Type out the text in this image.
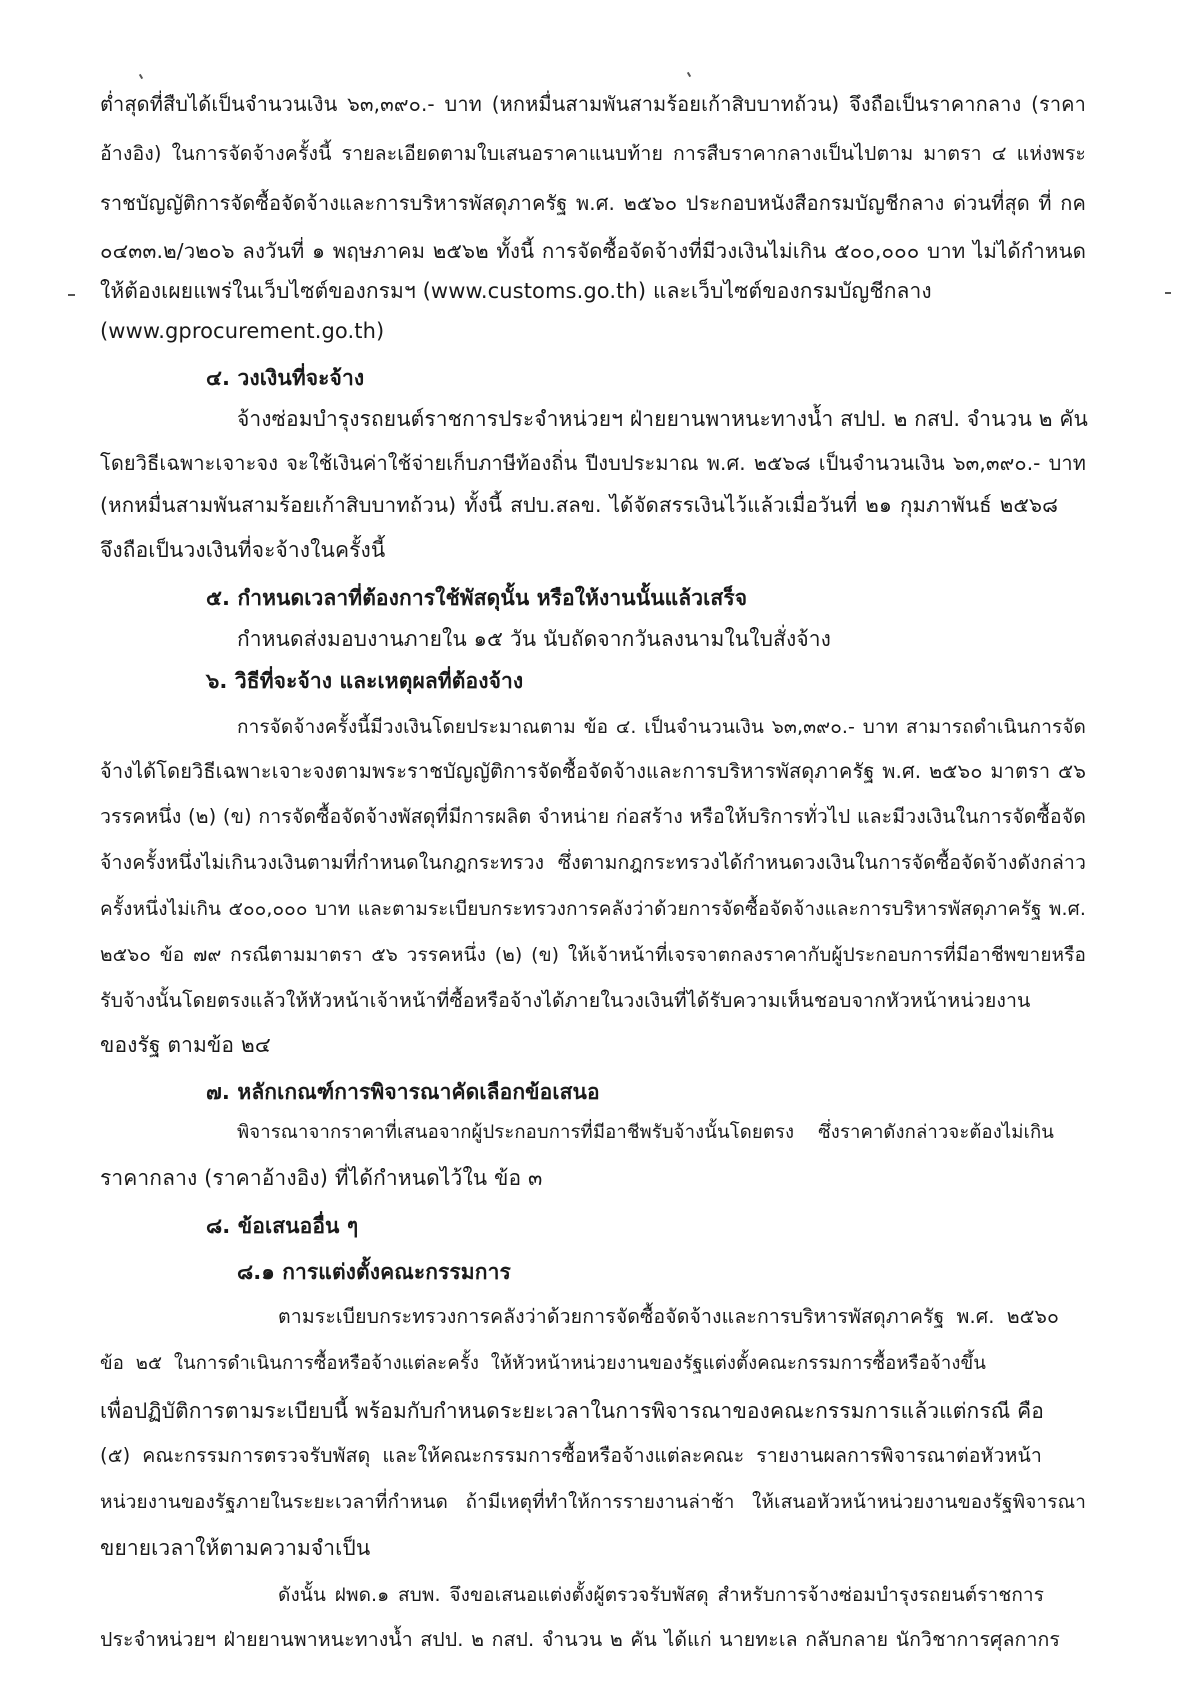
ต่ำสุดที่สืบได้เป็นจำนวนเงิน ๖๓,๓๙๐.- บาท (หกหมื่นสามพันสามร้อยเก้าสิบบาทถ้วน) จึงถือเป็นราคากลาง (ราคา
อ้างอิง) ในการจัดจ้างครั้งนี้ รายละเอียดตามใบเสนอราคาแนบท้าย การสืบราคากลางเป็นไปตาม มาตรา ๔ แห่งพระ
ราชบัญญัติการจัดซื้อจัดจ้างและการบริหารพัสดุภาครัฐ พ.ศ. ๒๕๖๐ ประกอบหนังสือกรมบัญชีกลาง ด่วนที่สุด ที่ กค
๐๔๓๓.๒/ว๒๐๖ ลงวันที่ ๑ พฤษภาคม ๒๕๖๒ ทั้งนี้ การจัดซื้อจัดจ้างที่มีวงเงินไม่เกิน ๕๐๐,๐๐๐ บาท ไม่ได้กำหนด
ให้ต้องเผยแพร่ในเว็บไซต์ของกรมฯ (www.customs.go.th) และเว็บไซต์ของกรมบัญชีกลาง
(www.gprocurement.go.th)
๔. วงเงินที่จะจ้าง
จ้างซ่อมบำรุงรถยนต์ราชการประจำหน่วยฯ ฝ่ายยานพาหนะทางน้ำ สปป. ๒ กสป. จำนวน ๒ คัน
โดยวิธีเฉพาะเจาะจง จะใช้เงินค่าใช้จ่ายเก็บภาษีท้องถิ่น ปีงบประมาณ พ.ศ. ๒๕๖๘ เป็นจำนวนเงิน ๖๓,๓๙๐.- บาท
(หกหมื่นสามพันสามร้อยเก้าสิบบาทถ้วน) ทั้งนี้ สปบ.สลข. ได้จัดสรรเงินไว้แล้วเมื่อวันที่ ๒๑ กุมภาพันธ์ ๒๕๖๘
จึงถือเป็นวงเงินที่จะจ้างในครั้งนี้
๕. กำหนดเวลาที่ต้องการใช้พัสดุนั้น หรือให้งานนั้นแล้วเสร็จ
กำหนดส่งมอบงานภายใน ๑๕ วัน นับถัดจากวันลงนามในใบสั่งจ้าง
๖. วิธีที่จะจ้าง และเหตุผลที่ต้องจ้าง
การจัดจ้างครั้งนี้มีวงเงินโดยประมาณตาม ข้อ ๔. เป็นจำนวนเงิน ๖๓,๓๙๐.- บาท สามารถดำเนินการจัด
จ้างได้โดยวิธีเฉพาะเจาะจงตามพระราชบัญญัติการจัดซื้อจัดจ้างและการบริหารพัสดุภาครัฐ พ.ศ. ๒๕๖๐ มาตรา ๕๖
วรรคหนึ่ง (๒) (ข) การจัดซื้อจัดจ้างพัสดุที่มีการผลิต จำหน่าย ก่อสร้าง หรือให้บริการทั่วไป และมีวงเงินในการจัดซื้อจัด
จ้างครั้งหนึ่งไม่เกินวงเงินตามที่กำหนดในกฎกระทรวง ซึ่งตามกฎกระทรวงได้กำหนดวงเงินในการจัดซื้อจัดจ้างดังกล่าว
ครั้งหนึ่งไม่เกิน ๕๐๐,๐๐๐ บาท และตามระเบียบกระทรวงการคลังว่าด้วยการจัดซื้อจัดจ้างและการบริหารพัสดุภาครัฐ พ.ศ.
๒๕๖๐ ข้อ ๗๙ กรณีตามมาตรา ๕๖ วรรคหนึ่ง (๒) (ข) ให้เจ้าหน้าที่เจรจาตกลงราคากับผู้ประกอบการที่มีอาชีพขายหรือ
รับจ้างนั้นโดยตรงแล้วให้หัวหน้าเจ้าหน้าที่ซื้อหรือจ้างได้ภายในวงเงินที่ได้รับความเห็นชอบจากหัวหน้าหน่วยงาน
ของรัฐ ตามข้อ ๒๔
๗. หลักเกณฑ์การพิจารณาคัดเลือกข้อเสนอ
พิจารณาจากราคาที่เสนอจากผู้ประกอบการที่มีอาชีพรับจ้างนั้นโดยตรง ซึ่งราคาดังกล่าวจะต้องไม่เกิน
ราคากลาง (ราคาอ้างอิง) ที่ได้กำหนดไว้ใน ข้อ ๓
๘. ข้อเสนออื่น ๆ
๘.๑ การแต่งตั้งคณะกรรมการ
ตามระเบียบกระทรวงการคลังว่าด้วยการจัดซื้อจัดจ้างและการบริหารพัสดุภาครัฐ พ.ศ. ๒๕๖๐
ข้อ ๒๕ ในการดำเนินการซื้อหรือจ้างแต่ละครั้ง ให้หัวหน้าหน่วยงานของรัฐแต่งตั้งคณะกรรมการซื้อหรือจ้างขึ้น
เพื่อปฏิบัติการตามระเบียบนี้ พร้อมกับกำหนดระยะเวลาในการพิจารณาของคณะกรรมการแล้วแต่กรณี คือ
(๕) คณะกรรมการตรวจรับพัสดุ และให้คณะกรรมการซื้อหรือจ้างแต่ละคณะ รายงานผลการพิจารณาต่อหัวหน้า
หน่วยงานของรัฐภายในระยะเวลาที่กำหนด ถ้ามีเหตุที่ทำให้การรายงานล่าช้า ให้เสนอหัวหน้าหน่วยงานของรัฐพิจารณา
ขยายเวลาให้ตามความจำเป็น
ดังนั้น ฝพด.๑ สบพ. จึงขอเสนอแต่งตั้งผู้ตรวจรับพัสดุ สำหรับการจ้างซ่อมบำรุงรถยนต์ราชการ
ประจำหน่วยฯ ฝ่ายยานพาหนะทางน้ำ สปป. ๒ กสป. จำนวน ๒ คัน ได้แก่ นายทะเล กลับกลาย นักวิชาการศุลกากร
